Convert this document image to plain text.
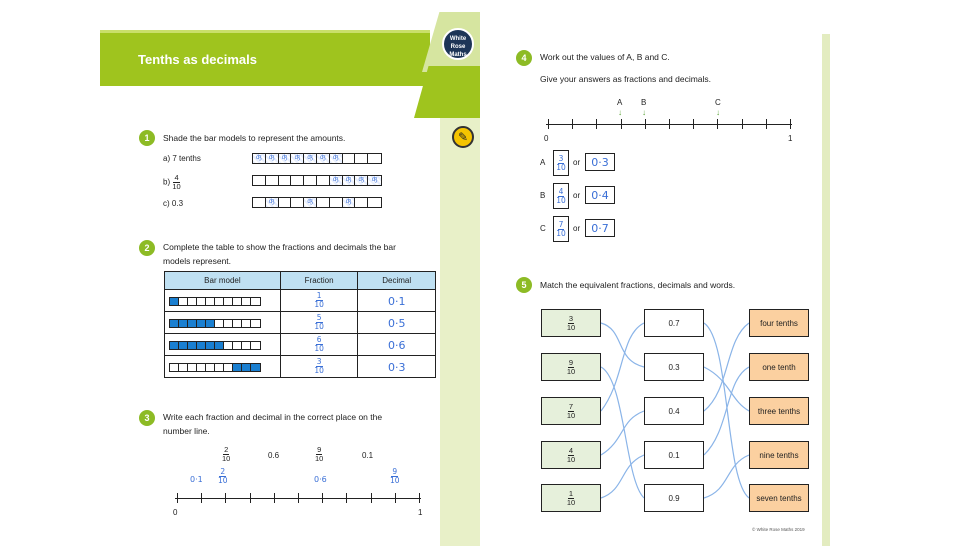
Tenths as decimals
White
Rose
Maths
✎
1	Shade the bar models to represent the amounts.
a) 7 tenths	ʤ	ʤ	ʤ	ʤ	ʤ	ʤ	ʤ
$b) \frac{4}{10}$	ʤ	ʤ	ʤ	ʤ
c) 0.3	ʤ	ʤ	ʤ
2	Complete the table to show the fractions and decimals the bar
models represent.
Bar model	Fraction	Decimal

	$\frac{1}{10}$	0·1

	$\frac{5}{10}$	0·5

	$\frac{6}{10}$	0·6

	$\frac{3}{10}$	0·3
3	Write each fraction and decimal in the correct place on the
number line.
$\frac{2}{10}$	0.6	$\frac{9}{10}$	0.1
$0\cdot 1 \frac{2}{10}$	0·6	$\frac{9}{10}$
0	1
4	Work out the values of A, B and C.
Give your answers as fractions and decimals.
A B	C
↓	↓	↓
0	1
A $\frac{3}{10}$ or	0·3
B $\frac{4}{10}$ or	0·4
C $\frac{7}{10}$ or	0·7
5	Match the equivalent fractions, decimals and words.
$\frac{3}{10}$
$\frac{9}{10}$
$\frac{7}{10}$
$\frac{4}{10}$
$\frac{1}{10}$
0.7
0.3
0.4
0.1
0.9
four tenths
one tenth
three tenths
nine tenths
seven tenths
© White Rose Maths 2019
